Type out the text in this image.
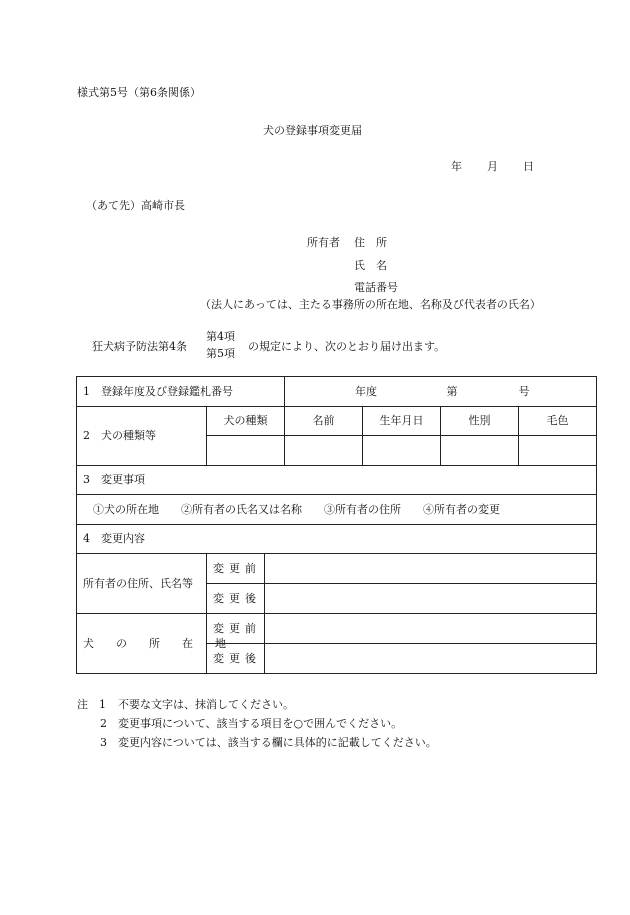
様式第5号（第6条関係）
犬の登録事項変更届
年 月 日
（あて先）高崎市長
所有者 住　所
氏　名
電話番号
（法人にあっては、主たる事務所の所在地、名称及び代表者の氏名）
狂犬病予防法第4条
第4項
第5項
の規定により、次のとおり届け出ます。
1　登録年度及び登録鑑札番号			年度		第	号
2　犬の種類等	犬の種類		名前	生年月日	性別	毛色

3　変更事項						
①犬の所在地 ②所有者の氏名又は名称 ③所有者の住所 ④所有者の変更						
4　変更内容						
所有者の住所、氏名等	変更前					
	変更後					
犬の所在地	変更前					
	変更後					
注　1 不要な文字は、抹消してください。
2 変更事項について、該当する項目を○で囲んでください。
3 変更内容については、該当する欄に具体的に記載してください。
